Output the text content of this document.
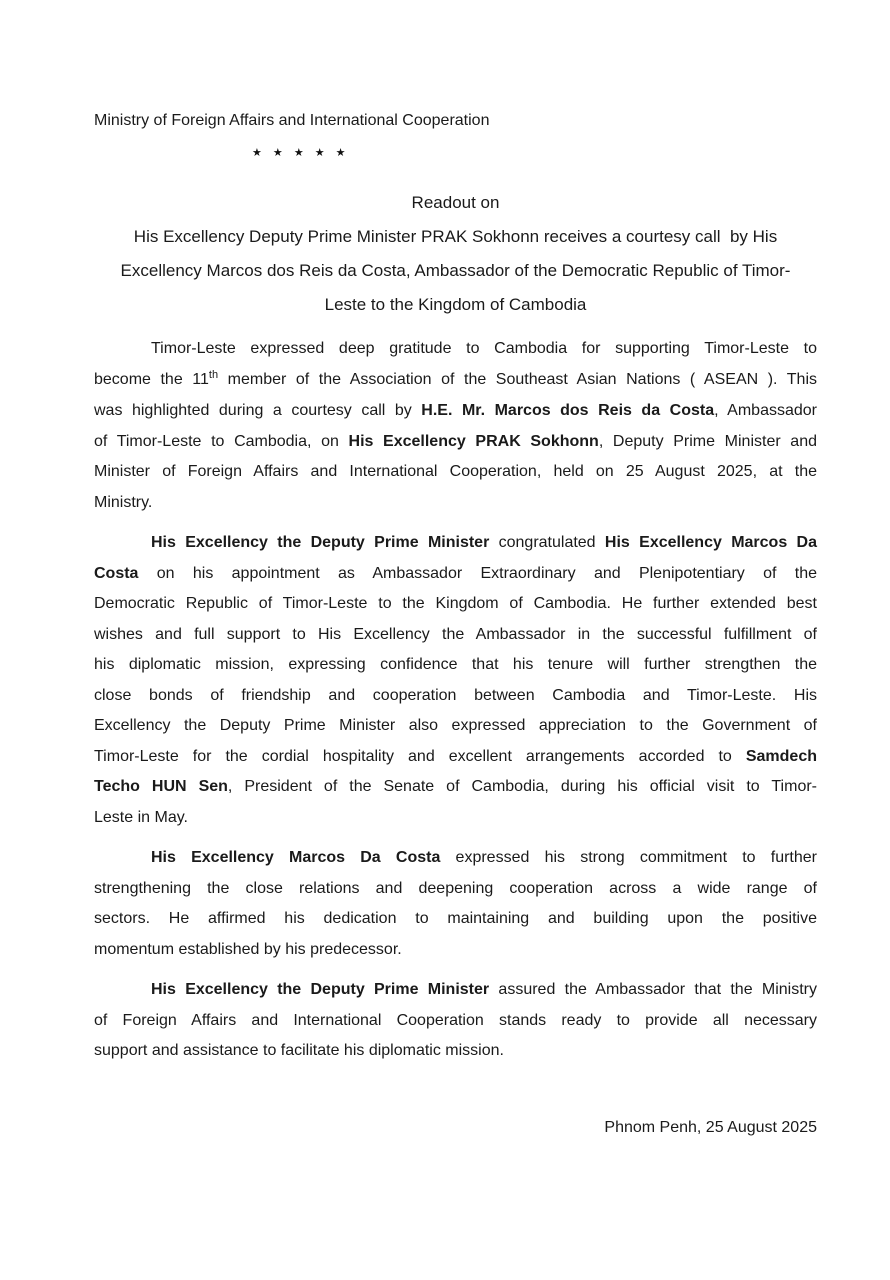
Ministry of Foreign Affairs and International Cooperation
★ ★ ★ ★ ★
Readout on
His Excellency Deputy Prime Minister PRAK Sokhonn receives a courtesy call  by His
Excellency Marcos dos Reis da Costa, Ambassador of the Democratic Republic of Timor-
Leste to the Kingdom of Cambodia
Timor-Leste expressed deep gratitude to Cambodia for supporting Timor-Leste to
become the 11th member of the Association of the Southeast Asian Nations ( ASEAN ). This
was highlighted during a courtesy call by H.E. Mr. Marcos dos Reis da Costa, Ambassador
of Timor-Leste to Cambodia, on His Excellency PRAK Sokhonn, Deputy Prime Minister and
Minister of Foreign Affairs and International Cooperation, held on 25 August 2025, at the
Ministry.
His Excellency the Deputy Prime Minister congratulated His Excellency Marcos Da
Costa on his appointment as Ambassador Extraordinary and Plenipotentiary of the
Democratic Republic of Timor-Leste to the Kingdom of Cambodia. He further extended best
wishes and full support to His Excellency the Ambassador in the successful fulfillment of
his diplomatic mission, expressing confidence that his tenure will further strengthen the
close bonds of friendship and cooperation between Cambodia and Timor-Leste. His
Excellency the Deputy Prime Minister also expressed appreciation to the Government of
Timor-Leste for the cordial hospitality and excellent arrangements accorded to Samdech
Techo HUN Sen, President of the Senate of Cambodia, during his official visit to Timor-
Leste in May.
His Excellency Marcos Da Costa expressed his strong commitment to further
strengthening the close relations and deepening cooperation across a wide range of
sectors. He affirmed his dedication to maintaining and building upon the positive
momentum established by his predecessor.
His Excellency the Deputy Prime Minister assured the Ambassador that the Ministry
of Foreign Affairs and International Cooperation stands ready to provide all necessary
support and assistance to facilitate his diplomatic mission.
Phnom Penh, 25 August 2025
